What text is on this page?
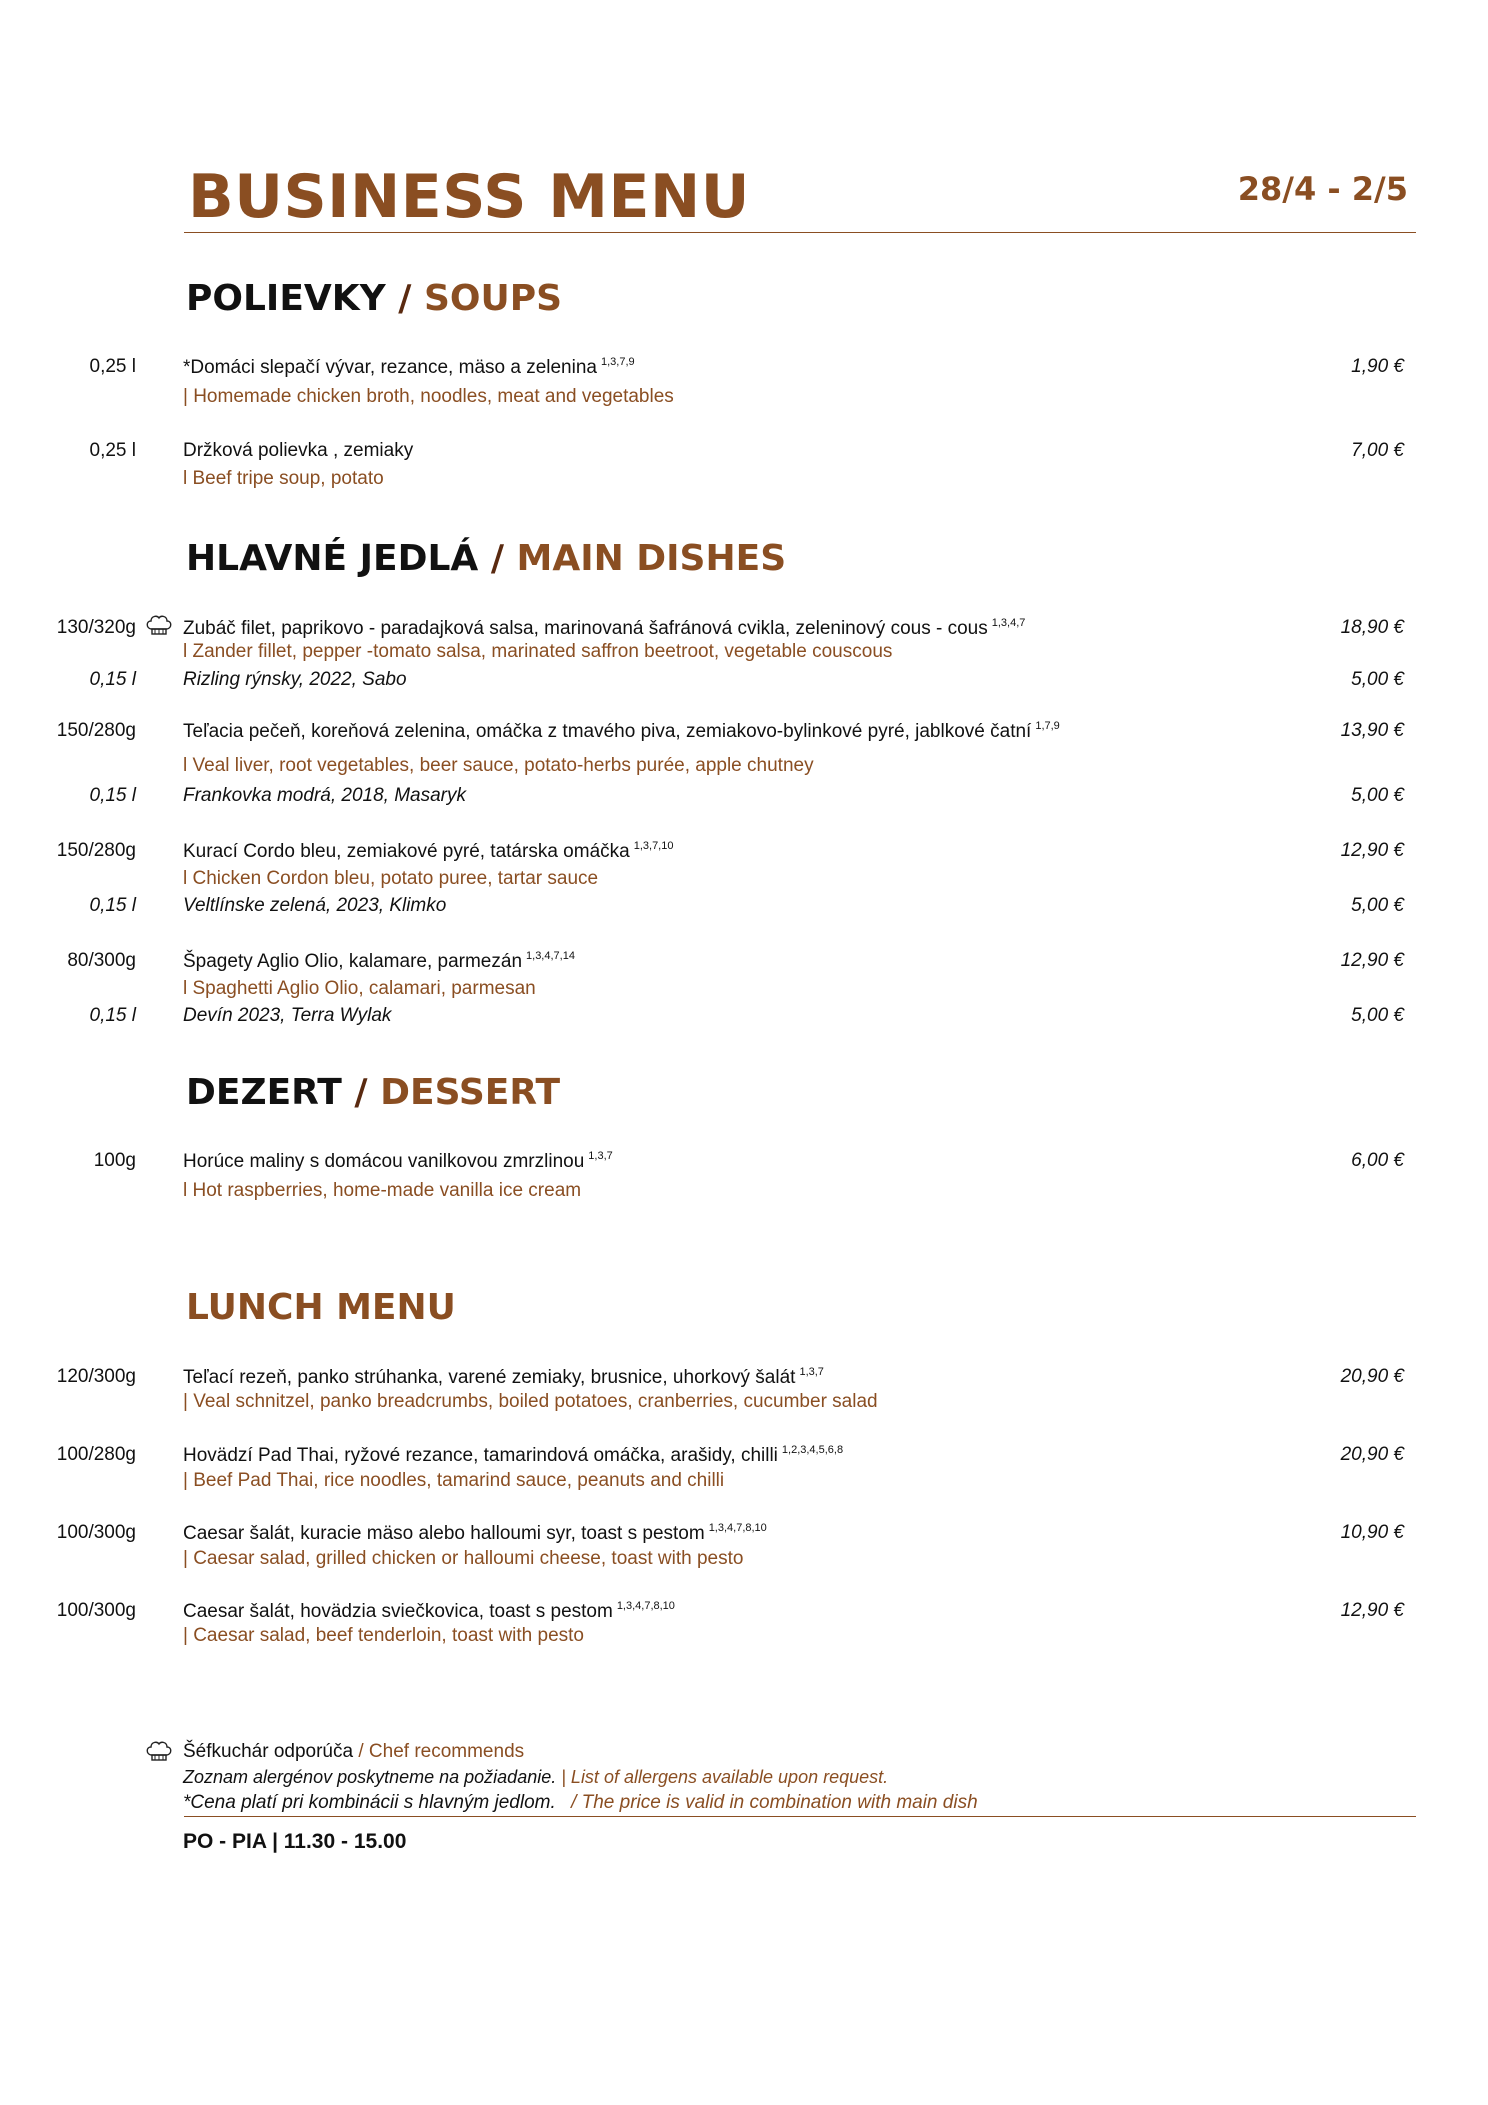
BUSINESS MENU	28/4 - 2/5
POLIEVKY / SOUPS
0,25 l *Domáci slepačí vývar, rezance, mäso a zelenina $^{1,3,7,9}$
| Homemade chicken broth, noodles, meat and vegetables
1,90 €
0,25 l Držková polievka , zemiaky
l Beef tripe soup, potato
7,00 €
HLAVNÉ JEDLÁ / MAIN DISHES
130/320g Zubáč filet, paprikovo - paradajková salsa, marinovaná šafránová cvikla, zeleninový cous - cous $^{1,3,4,7}$
l Zander fillet, pepper -tomato salsa, marinated saffron beetroot, vegetable couscous
18,90 €
0,15 l Rizling rýnsky, 2022, Sabo	5,00 €
150/280g Teľacia pečeň, koreňová zelenina, omáčka z tmavého piva, zemiakovo-bylinkové pyré, jablkové čatní $^{1,7,9}$
l Veal liver, root vegetables, beer sauce, potato-herbs purée, apple chutney
13,90 €
0,15 l Frankovka modrá, 2018, Masaryk	5,00 €
150/280g Kurací Cordo bleu, zemiakové pyré, tatárska omáčka $^{1,3,7,10}$
l Chicken Cordon bleu, potato puree, tartar sauce
12,90 €
0,15 l Veltlínske zelená, 2023, Klimko	5,00 €
80/300g Špagety Aglio Olio, kalamare, parmezán $^{1,3,4,7,14}$
l Spaghetti Aglio Olio, calamari, parmesan
12,90 €
0,15 l Devín 2023, Terra Wylak	5,00 €
DEZERT / DESSERT
100g Horúce maliny s domácou vanilkovou zmrzlinou $^{1,3,7}$
l Hot raspberries, home-made vanilla ice cream
6,00 €
LUNCH MENU
120/300g Teľací rezeň, panko strúhanka, varené zemiaky, brusnice, uhorkový šalát $^{1,3,7}$
| Veal schnitzel, panko breadcrumbs, boiled potatoes, cranberries, cucumber salad
20,90 €
100/280g Hovädzí Pad Thai, ryžové rezance, tamarindová omáčka, arašidy, chilli $^{1,2,3,4,5,6,8}$
| Beef Pad Thai, rice noodles, tamarind sauce, peanuts and chilli
20,90 €
100/300g Caesar šalát, kuracie mäso alebo halloumi syr, toast s pestom $^{1,3,4,7,8,10}$
| Caesar salad, grilled chicken or halloumi cheese, toast with pesto
10,90 €
100/300g Caesar šalát, hovädzia sviečkovica, toast s pestom $^{1,3,4,7,8,10}$
| Caesar salad, beef tenderloin, toast with pesto
12,90 €
Šéfkuchár odporúča / Chef recommends
Zoznam alergénov poskytneme na požiadanie. | List of allergens available upon request.
*Cena platí pri kombinácii s hlavným jedlom. / The price is valid in combination with main dish
PO - PIA | 11.30 - 15.00
